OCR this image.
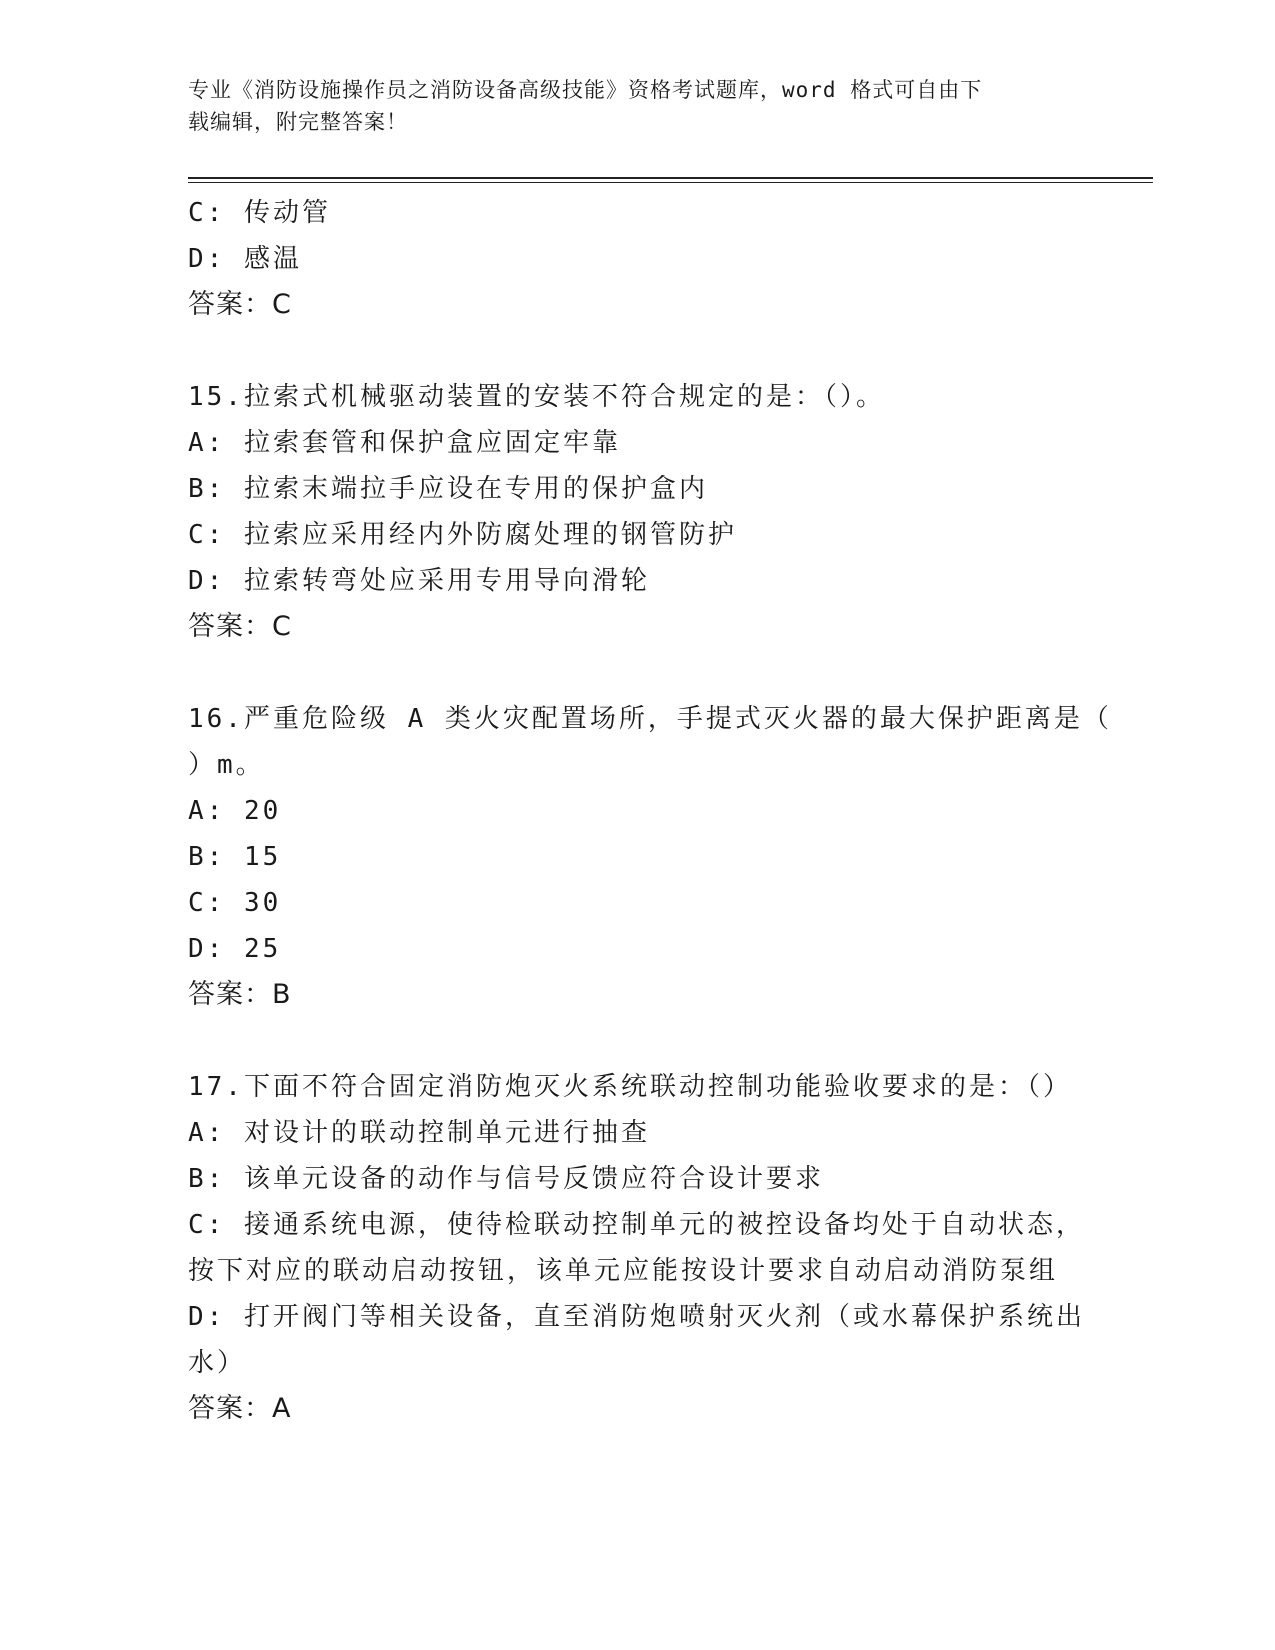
专业《消防设施操作员之消防设备高级技能》资格考试题库，word 格式可自由下
载编辑，附完整答案！
C: 传动管
D: 感温
答案：C
15.拉索式机械驱动装置的安装不符合规定的是：（）。
A: 拉索套管和保护盒应固定牢靠
B: 拉索末端拉手应设在专用的保护盒内
C: 拉索应采用经内外防腐处理的钢管防护
D: 拉索转弯处应采用专用导向滑轮
答案：C
16.严重危险级 A 类火灾配置场所，手提式灭火器的最大保护距离是（
）m。
A: 20
B: 15
C: 30
D: 25
答案：B
17.下面不符合固定消防炮灭火系统联动控制功能验收要求的是：（）
A: 对设计的联动控制单元进行抽查
B: 该单元设备的动作与信号反馈应符合设计要求
C: 接通系统电源，使待检联动控制单元的被控设备均处于自动状态，
按下对应的联动启动按钮，该单元应能按设计要求自动启动消防泵组
D: 打开阀门等相关设备，直至消防炮喷射灭火剂（或水幕保护系统出
水）
答案：A
